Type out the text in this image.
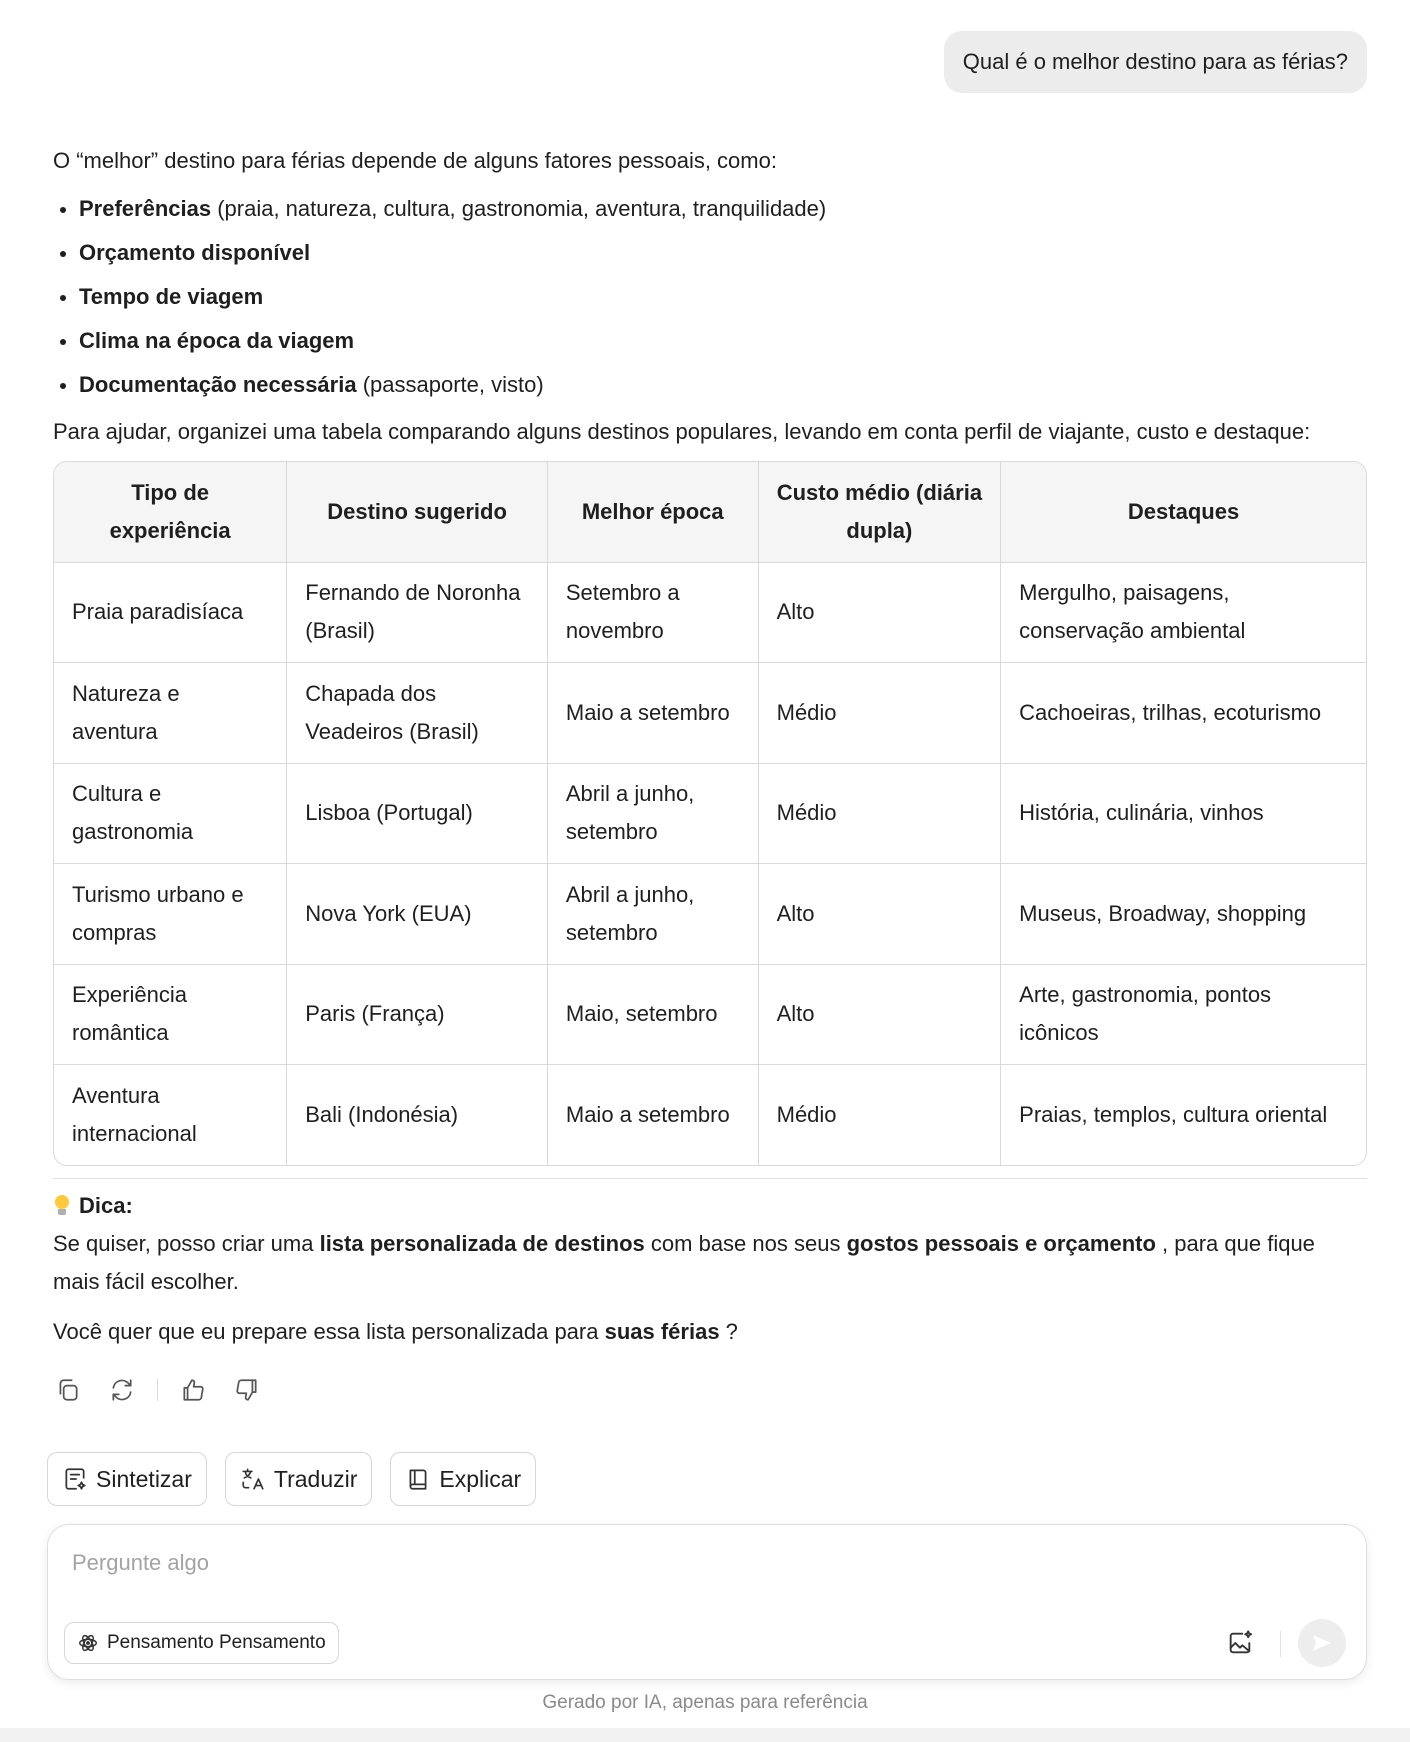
Qual é o melhor destino para as férias?

O “melhor” destino para férias depende de alguns fatores pessoais, como:

Preferências (praia, natureza, cultura, gastronomia, aventura, tranquilidade)
Orçamento disponível
Tempo de viagem
Clima na época da viagem
Documentação necessária (passaporte, visto)

Para ajudar, organizei uma tabela comparando alguns destinos populares, levando em conta perfil de viajante, custo e destaque:

Tipo de experiência	Destino sugerido	Melhor época	Custo médio (diária dupla)	Destaques
Praia paradisíaca	Fernando de Noronha (Brasil)	Setembro a novembro	Alto	Mergulho, paisagens, conservação ambiental
Natureza e aventura	Chapada dos Veadeiros (Brasil)	Maio a setembro	Médio	Cachoeiras, trilhas, ecoturismo
Cultura e gastronomia	Lisboa (Portugal)	Abril a junho, setembro	Médio	História, culinária, vinhos
Turismo urbano e compras	Nova York (EUA)	Abril a junho, setembro	Alto	Museus, Broadway, shopping
Experiência romântica	Paris (França)	Maio, setembro	Alto	Arte, gastronomia, pontos icônicos
Aventura internacional	Bali (Indonésia)	Maio a setembro	Médio	Praias, templos, cultura oriental
Dica:

Se quiser, posso criar uma lista personalizada de destinos com base nos seus gostos pessoais e orçamento , para que fique mais fácil escolher.

Você quer que eu prepare essa lista personalizada para suas férias ?

Sintetizar	Traduzir	Explicar
Pergunte algo
Pensamento Pensamento
Gerado por IA, apenas para referência
